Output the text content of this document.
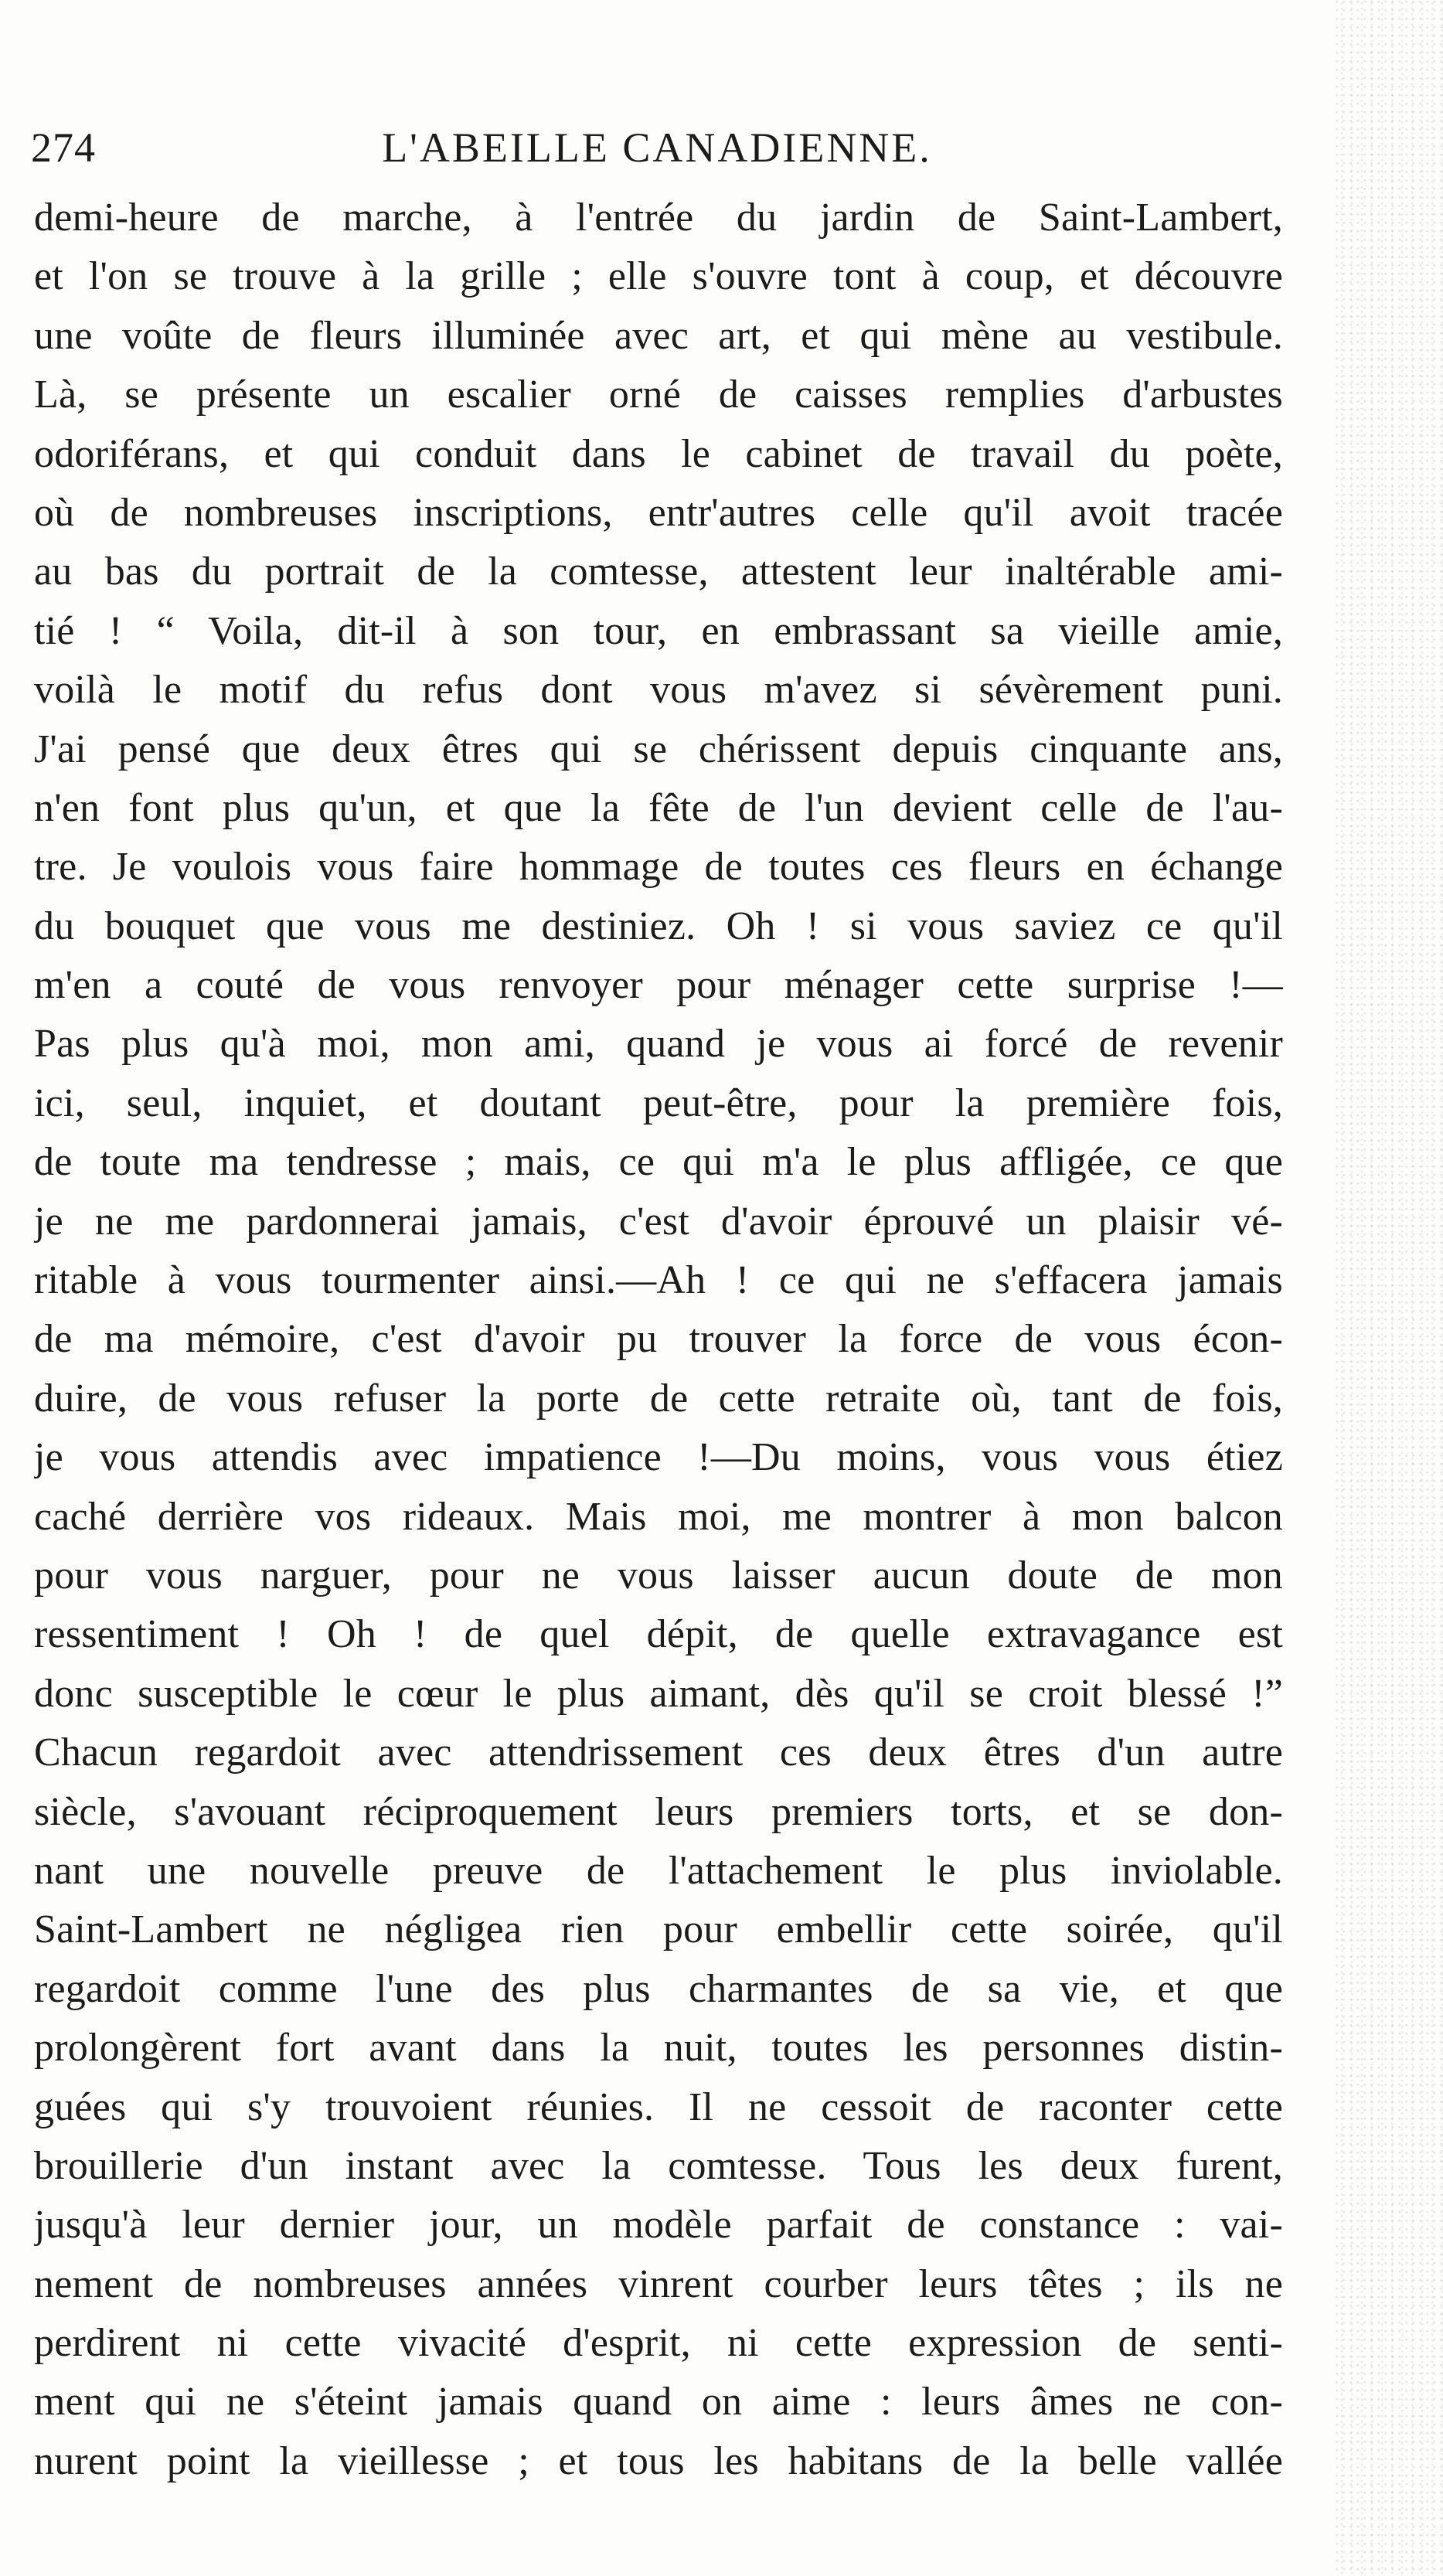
274	L'ABEILLE CANADIENNE.
demi-heure de marche, à l'entrée du jardin de Saint-Lambert,
et l'on se trouve à la grille ; elle s'ouvre tont à coup, et découvre
une voûte de fleurs illuminée avec art, et qui mène au vestibule.
Là, se présente un escalier orné de caisses remplies d'arbustes
odoriférans, et qui conduit dans le cabinet de travail du poète,
où de nombreuses inscriptions, entr'autres celle qu'il avoit tracée
au bas du portrait de la comtesse, attestent leur inaltérable ami-
tié ! “ Voila, dit-il à son tour, en embrassant sa vieille amie,
voilà le motif du refus dont vous m'avez si sévèrement puni.
J'ai pensé que deux êtres qui se chérissent depuis cinquante ans,
n'en font plus qu'un, et que la fête de l'un devient celle de l'au-
tre. Je voulois vous faire hommage de toutes ces fleurs en échange
du bouquet que vous me destiniez. Oh ! si vous saviez ce qu'il
m'en a couté de vous renvoyer pour ménager cette surprise !—
Pas plus qu'à moi, mon ami, quand je vous ai forcé de revenir
ici, seul, inquiet, et doutant peut-être, pour la première fois,
de toute ma tendresse ; mais, ce qui m'a le plus affligée, ce que
je ne me pardonnerai jamais, c'est d'avoir éprouvé un plaisir vé-
ritable à vous tourmenter ainsi.—Ah ! ce qui ne s'effacera jamais
de ma mémoire, c'est d'avoir pu trouver la force de vous écon-
duire, de vous refuser la porte de cette retraite où, tant de fois,
je vous attendis avec impatience !—Du moins, vous vous étiez
caché derrière vos rideaux. Mais moi, me montrer à mon balcon
pour vous narguer, pour ne vous laisser aucun doute de mon
ressentiment ! Oh ! de quel dépit, de quelle extravagance est
donc susceptible le cœur le plus aimant, dès qu'il se croit blessé !”
Chacun regardoit avec attendrissement ces deux êtres d'un autre
siècle, s'avouant réciproquement leurs premiers torts, et se don-
nant une nouvelle preuve de l'attachement le plus inviolable.
Saint-Lambert ne négligea rien pour embellir cette soirée, qu'il
regardoit comme l'une des plus charmantes de sa vie, et que
prolongèrent fort avant dans la nuit, toutes les personnes distin-
guées qui s'y trouvoient réunies. Il ne cessoit de raconter cette
brouillerie d'un instant avec la comtesse. Tous les deux furent,
jusqu'à leur dernier jour, un modèle parfait de constance : vai-
nement de nombreuses années vinrent courber leurs têtes ; ils ne
perdirent ni cette vivacité d'esprit, ni cette expression de senti-
ment qui ne s'éteint jamais quand on aime : leurs âmes ne con-
nurent point la vieillesse ; et tous les habitans de la belle vallée
